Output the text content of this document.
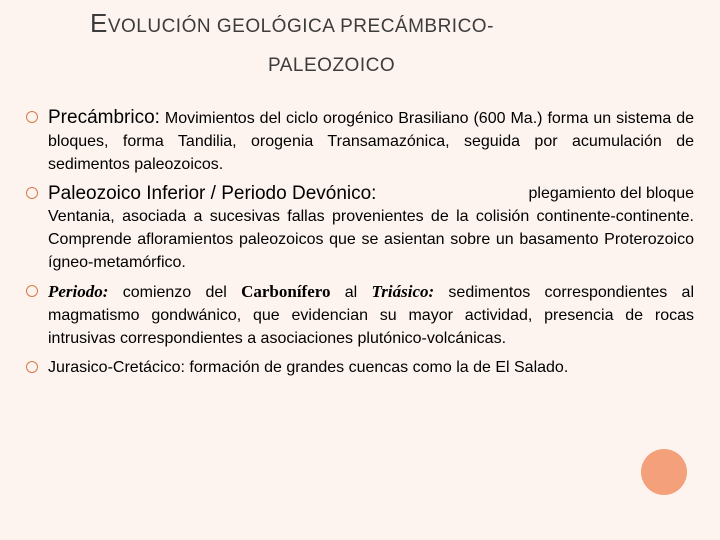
EVOLUCIÓN GEOLÓGICA PRECÁMBRICO-
PALEOZOICO
Precámbrico: Movimientos del ciclo orogénico Brasiliano (600 Ma.) forma un sistema de bloques, forma Tandilia, orogenia Transamazónica, seguida por acumulación de sedimentos paleozoicos.
Paleozoico Inferior / Periodo Devónico:	plegamiento del bloque
Ventania, asociada a sucesivas fallas provenientes de la colisión continente-continente. Comprende afloramientos paleozoicos que se asientan sobre un basamento Proterozoico ígneo-metamórfico.
Periodo: comienzo del Carbonífero al Triásico: sedimentos correspondientes al magmatismo gondwánico, que evidencian su mayor actividad, presencia de rocas intrusivas correspondientes a asociaciones plutónico-volcánicas.
Jurasico-Cretácico: formación de grandes cuencas como la de El Salado.
